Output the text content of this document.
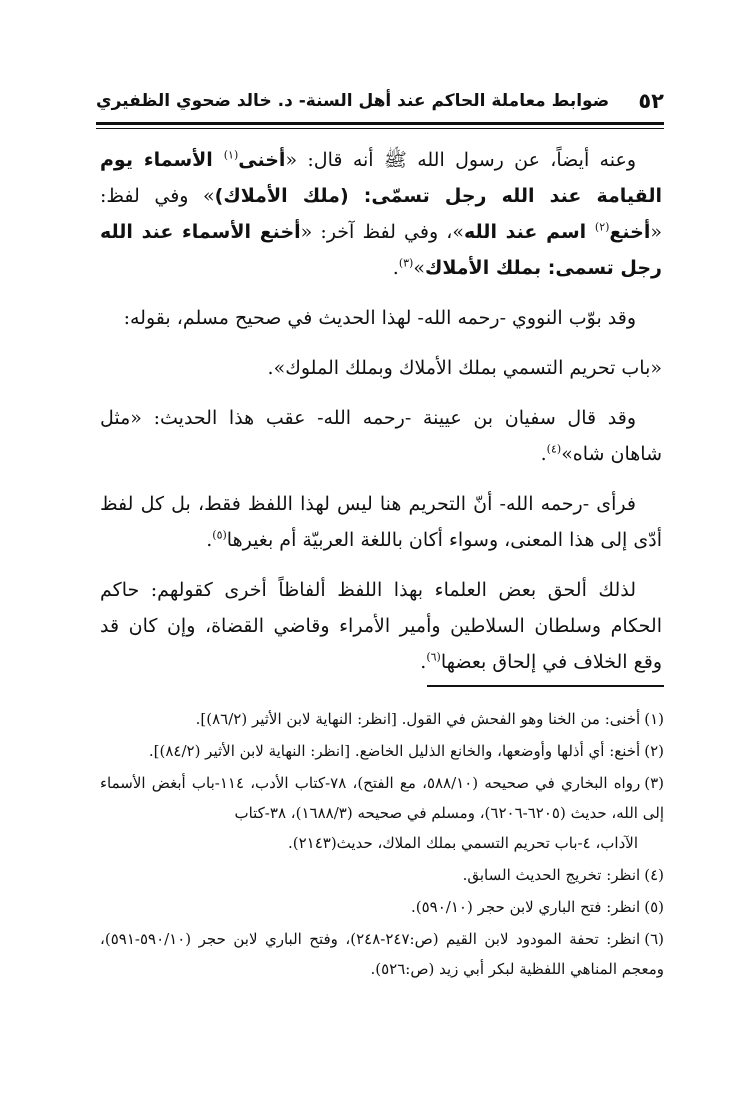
٥٢
ضوابط معاملة الحاكم عند أهل السنة- د. خالد ضحوي الظفيري

وعنه أيضاً، عن رسول الله ﷺ أنه قال: «أخنى$^{(١)}$ الأسماء يوم القيامة عند الله رجل تسمّى: (ملك الأملاك)» وفي لفظ: «أخنع$^{(٢)}$ اسم عند الله»، وفي لفظ آخر: «أخنع الأسماء عند الله رجل تسمى: بملك الأملاك»$^{(٣)}$.

وقد بوّب النووي -رحمه الله- لهذا الحديث في صحيح مسلم، بقوله:

«باب تحريم التسمي بملك الأملاك وبملك الملوك».

وقد قال سفيان بن عيينة -رحمه الله- عقب هذا الحديث: «مثل شاهان شاه»$^{(٤)}$.

فرأى -رحمه الله- أنّ التحريم هنا ليس لهذا اللفظ فقط، بل كل لفظ أدّى إلى هذا المعنى، وسواء أكان باللغة العربيّة أم بغيرها$^{(٥)}$.

لذلك ألحق بعض العلماء بهذا اللفظ ألفاظاً أخرى كقولهم: حاكم الحكام وسلطان السلاطين وأمير الأمراء وقاضي القضاة، وإن كان قد وقع الخلاف في إلحاق بعضها$^{(٦)}$.

(١)أخنى: من الخنا وهو الفحش في القول. [انظر: النهاية لابن الأثير (٨٦/٢)].
(٢)أخنع: أي أذلها وأوضعها، والخانع الذليل الخاضع. [انظر: النهاية لابن الأثير (٨٤/٢)].
(٣)رواه البخاري في صحيحه (٥٨٨/١٠، مع الفتح)، ٧٨-كتاب الأدب، ١١٤-باب أبغض الأسماء إلى الله، حديث (٦٢٠٥-٦٢٠٦)، ومسلم في صحيحه (١٦٨٨/٣)، ٣٨-كتاب
الآداب، ٤-باب تحريم التسمي بملك الملاك، حديث(٢١٤٣).
(٤)انظر: تخريج الحديث السابق.
(٥)انظر: فتح الباري لابن حجر (٥٩٠/١٠).
(٦)انظر: تحفة المودود لابن القيم (ص:٢٤٧-٢٤٨)، وفتح الباري لابن حجر (٥٩٠/١٠-٥٩١)، ومعجم المناهي اللفظية لبكر أبي زيد (ص:٥٢٦).
